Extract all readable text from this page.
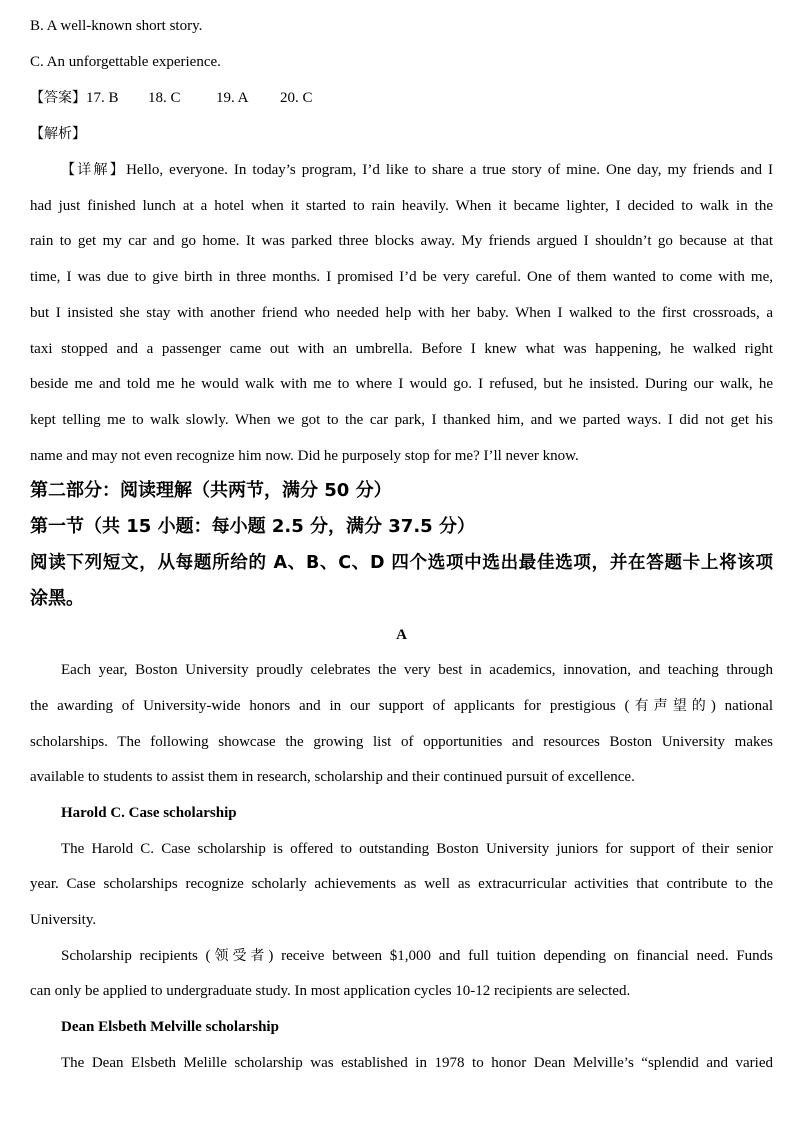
B. A well-known short story.
C. An unforgettable experience.
【答案】17. B 18. C 19. A 20. C
【解析】
【详解】Hello, everyone. In today’s program, I’d like to share a true story of mine. One day, my friends and I
had just finished lunch at a hotel when it started to rain heavily. When it became lighter, I decided to walk in the
rain to get my car and go home. It was parked three blocks away. My friends argued I shouldn’t go because at that
time, I was due to give birth in three months. I promised I’d be very careful. One of them wanted to come with me,
but I insisted she stay with another friend who needed help with her baby. When I walked to the first crossroads, a
taxi stopped and a passenger came out with an umbrella. Before I knew what was happening, he walked right
beside me and told me he would walk with me to where I would go. I refused, but he insisted. During our walk, he
kept telling me to walk slowly. When we got to the car park, I thanked him, and we parted ways. I did not get his
name and may not even recognize him now. Did he purposely stop for me? I’ll never know.
第二部分：阅读理解（共两节，满分 50 分）
第一节（共 15 小题：每小题 2.5 分，满分 37.5 分）
阅读下列短文，从每题所给的 A、B、C、D 四个选项中选出最佳选项，并在答题卡上将该项
涂黑。
A
Each year, Boston University proudly celebrates the very best in academics, innovation, and teaching through
the awarding of University-wide honors and in our support of applicants for prestigious (有声望的) national
scholarships. The following showcase the growing list of opportunities and resources Boston University makes
available to students to assist them in research, scholarship and their continued pursuit of excellence.
Harold C. Case scholarship
The Harold C. Case scholarship is offered to outstanding Boston University juniors for support of their senior
year. Case scholarships recognize scholarly achievements as well as extracurricular activities that contribute to the
University.
Scholarship recipients (领受者) receive between $1,000 and full tuition depending on financial need. Funds
can only be applied to undergraduate study. In most application cycles 10-12 recipients are selected.
Dean Elsbeth Melville scholarship
The Dean Elsbeth Melille scholarship was established in 1978 to honor Dean Melville’s “splendid and varied
